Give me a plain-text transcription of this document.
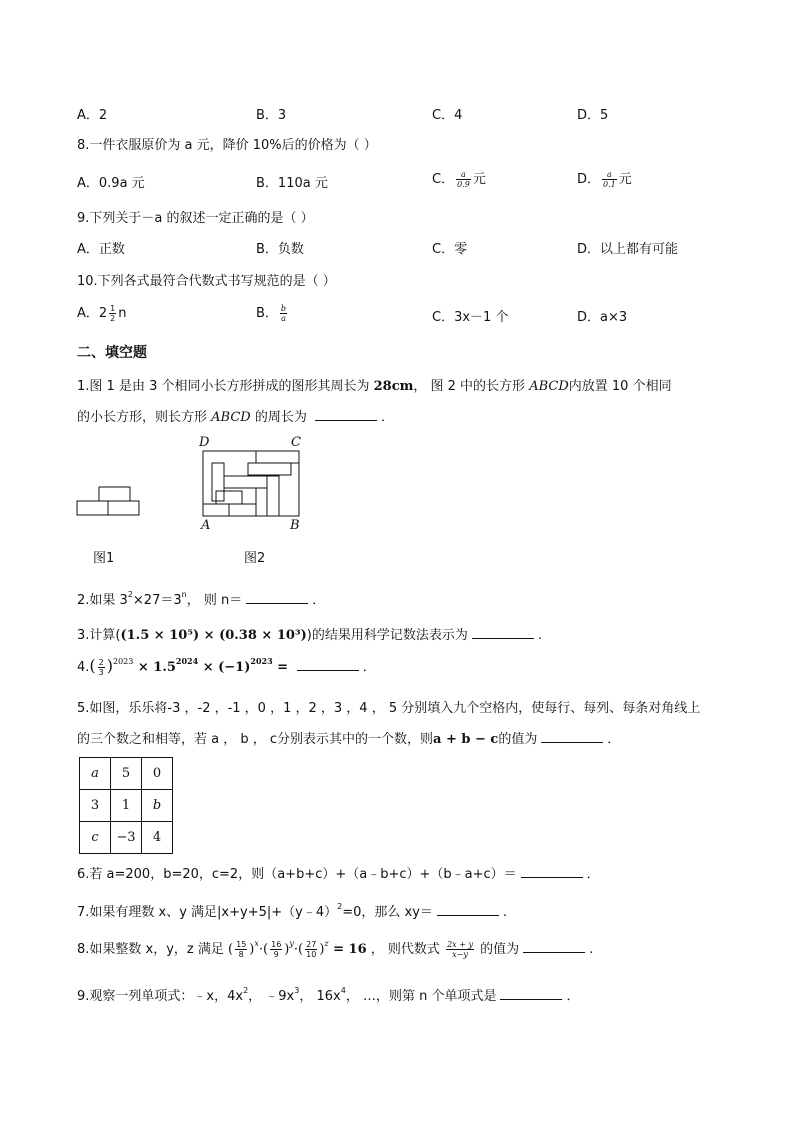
A．2	B．3	C．4	D．5
8.一件衣服原价为 a 元，降价 10%后的价格为（ ）
A．0.9a 元	B．110a 元	C． $\frac{a}{0.9}$ 元	D． $\frac{a}{0.1}$ 元
9.下列关于－a 的叙述一定正确的是（ ）
A．正数	B．负数	C．零	D．以上都有可能
10.下列各式最符合代数式书写规范的是（ ）
A．$2 \frac{1}{2}$ n	B． $\frac{b}{a}$	C．3x－1 个	D．a×3
二、填空题
1.图 1 是由 3 个相同小长方形拼成的图形其周长为 28cm， 图 2 中的长方形 ABCD内放置 10 个相同
的小长方形，则长方形 ABCD 的周长为	．
图1
D	C
A	B
图2
2.如果 $3^2\times 27=3^n$， 则 n＝	．
3.计算((1.5 × 10⁵) × (0.38 × 10³))的结果用科学记数法表示为	.
$4.( \frac{2}{3} )^{2023} \times 1.5^{2024} \times (-1)^{2023}$ =	．
5.如图，乐乐将-3 ，-2 ，-1 ，0 ，1 ，2 ，3 ，4 ， 5 分别填入九个空格内，使每行、每列、每条对角线上
的三个数之和相等，若 a ， b ， c分别表示其中的一个数，则a + b − c的值为	．
a	5	0
3	1	b
c	−3	4
6.若 a=200，b=20，c=2，则（a+b+c）+（a﹣b+c）+（b﹣a+c）＝	．
7.如果有理数 x、y 满足|x+y+5|+（y﹣4）$^2$=0，那么 xy＝	.
8.如果整数 x，y，z 满足 ( $\frac{15}{8} )^x\cdot( \frac{16}{9} )^y\cdot( \frac{27}{10} )^z = 16$ ， 则代数式 $\frac{2x + y}{x-y}$ 的值为	.
9.观察一列单项式：﹣x，$4x^2$， $﹣9x^3$， $16x^4$， …，则第 n 个单项式是	．
